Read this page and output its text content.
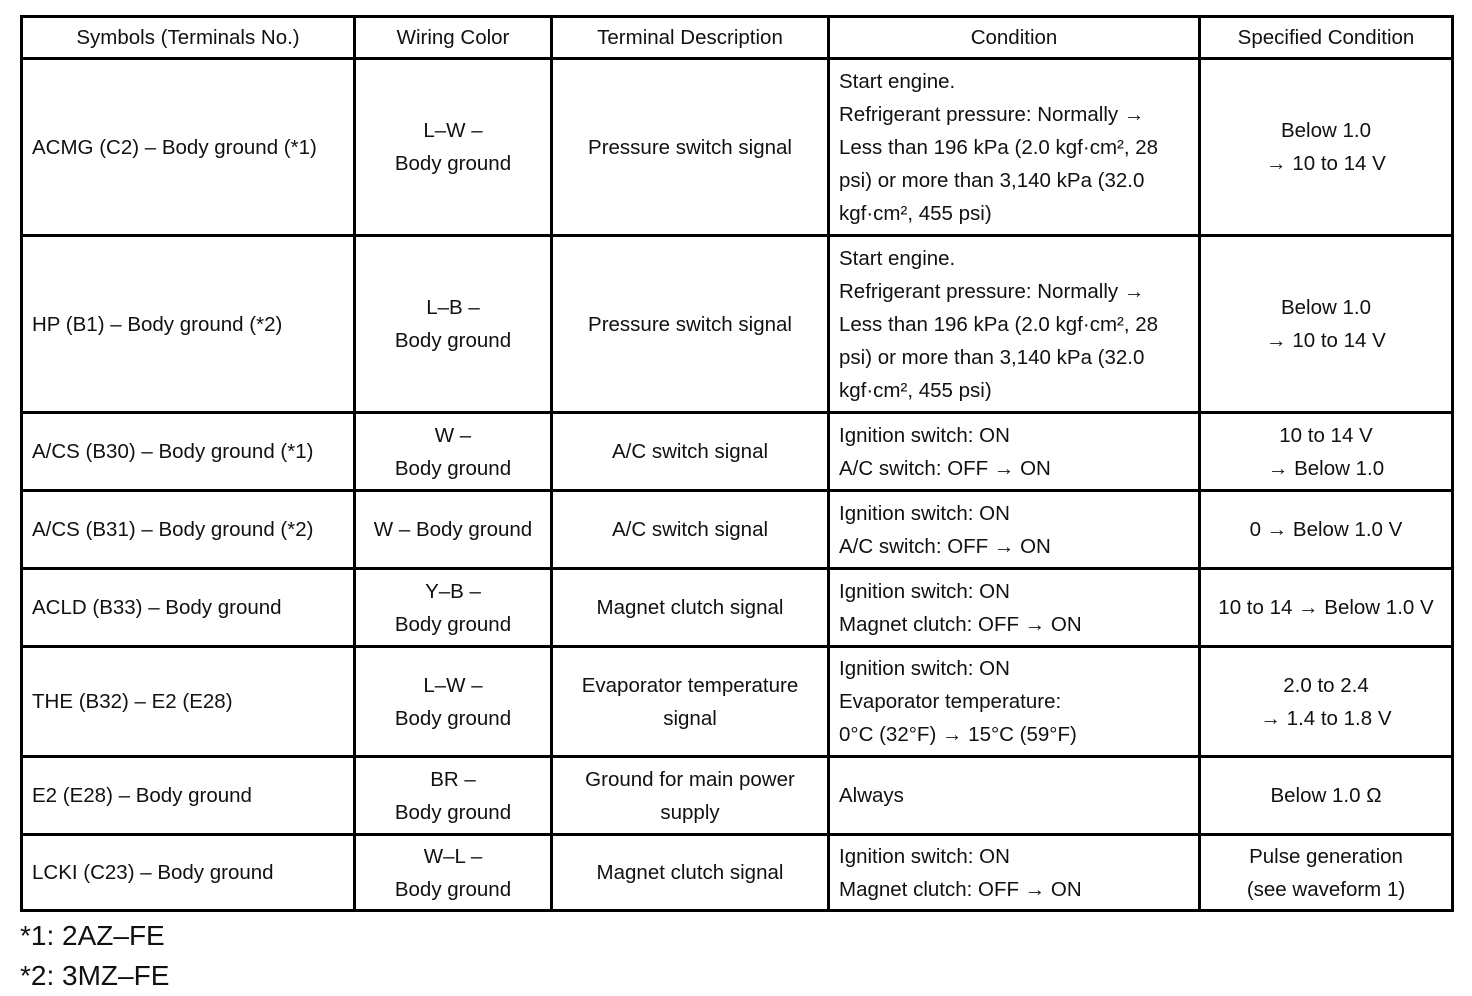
Symbols (Terminals No.)	Wiring Color	Terminal Description	Condition	Specified Condition
ACMG (C2) – Body ground (*1)	L–W –
Body ground	Pressure switch signal	Start engine.
Refrigerant pressure: Normally →
Less than 196 kPa (2.0 kgf·cm², 28
psi) or more than 3,140 kPa (32.0
kgf·cm², 455 psi)	Below 1.0
→ 10 to 14 V

HP (B1) – Body ground (*2)	L–B –
Body ground	Pressure switch signal	Start engine.
Refrigerant pressure: Normally →
Less than 196 kPa (2.0 kgf·cm², 28
psi) or more than 3,140 kPa (32.0
kgf·cm², 455 psi)	Below 1.0
→ 10 to 14 V

A/CS (B30) – Body ground (*1)	W –
Body ground	A/C switch signal	Ignition switch: ON
A/C switch: OFF → ON	10 to 14 V
→ Below 1.0

A/CS (B31) – Body ground (*2)	W – Body ground	A/C switch signal	Ignition switch: ON
A/C switch: OFF → ON	0 → Below 1.0 V

ACLD (B33) – Body ground	Y–B –
Body ground	Magnet clutch signal	Ignition switch: ON
Magnet clutch: OFF → ON	10 to 14 → Below 1.0 V

THE (B32) – E2 (E28)	L–W –
Body ground	Evaporator temperature signal	Ignition switch: ON
Evaporator temperature:
0°C (32°F) → 15°C (59°F)	2.0 to 2.4
→ 1.4 to 1.8 V

E2 (E28) – Body ground	BR –
Body ground	Ground for main power supply	Always	Below 1.0 Ω

LCKI (C23) – Body ground	W–L –
Body ground	Magnet clutch signal	Ignition switch: ON
Magnet clutch: OFF → ON	Pulse generation
(see waveform 1)
*1: 2AZ–FE
*2: 3MZ–FE
